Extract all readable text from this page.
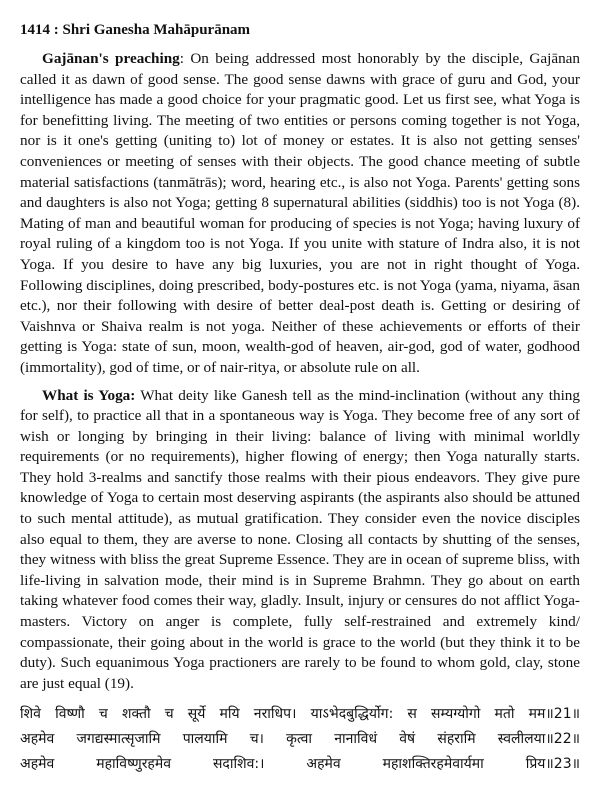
1414 : Shri Ganesha Mahāpurānam

Gajānan's preaching: On being addressed most honorably by the disciple, Gajānan called it as dawn of good sense. The good sense dawns with grace of guru and God, your intelligence has made a good choice for your pragmatic good. Let us first see, what Yoga is for benefitting living. The meeting of two entities or persons coming together is not Yoga, nor is it one's getting (uniting to) lot of money or estates. It is also not getting senses' conveniences or meeting of senses with their objects. The good chance meeting of subtle material satisfactions (tanmātrās); word, hearing etc., is also not Yoga. Parents' getting sons and daughters is also not Yoga; getting 8 supernatural abilities (siddhis) too is not Yoga (8). Mating of man and beautiful woman for producing of species is not Yoga; having luxury of royal ruling of a kingdom too is not Yoga. If you unite with stature of Indra also, it is not Yoga. If you desire to have any big luxuries, you are not in right thought of Yoga. Following disciplines, doing prescribed, body-postures etc. is not Yoga (yama, niyama, āsan etc.), nor their following with desire of better deal-post death is. Getting or desiring of Vaishnva or Shaiva realm is not yoga. Neither of these achievements or efforts of their getting is Yoga: state of sun, moon, wealth-god of heaven, air-god, god of water, godhood (immortality), god of time, or of nair-ritya, or absolute rule on all.

What is Yoga: What deity like Ganesh tell as the mind-inclination (without any thing for self), to practice all that in a spontaneous way is Yoga. They become free of any sort of wish or longing by bringing in their living: balance of living with minimal worldly requirements (or no requirements), higher flowing of energy; then Yoga naturally starts. They hold 3-realms and sanctify those realms with their pious endeavors. They give pure knowledge of Yoga to certain most deserving aspirants (the aspirants also should be attuned to such mental attitude), as mutual gratification. They consider even the novice disciples also equal to them, they are averse to none. Closing all contacts by shutting of the senses, they witness with bliss the great Supreme Essence. They are in ocean of supreme bliss, with life-living in salvation mode, their mind is in Supreme Brahmn. They go about on earth taking whatever food comes their way, gladly. Insult, injury or censures do not afflict Yoga-masters. Victory on anger is complete, fully self-restrained and extremely kind/ compassionate, their going about in the world is grace to the world (but they think it to be duty). Such equanimous Yoga practioners are rarely to be found to whom gold, clay, stone are just equal (19).

शिवे विष्णौ च शक्तौ च सूर्ये मयि नराधिप। याऽभेदबुद्धिर्योग: स सम्यग्योगो मतो मम॥21॥
अहमेव जगद्यस्मात्सृजामि पालयामि च। कृत्वा नानाविधं वेषं संहरामि स्वलीलया॥22॥
अहमेव महाविष्णुरहमेव सदाशिव:। अहमेव महाशक्तिरहमेवार्यमा प्रिय॥23॥
